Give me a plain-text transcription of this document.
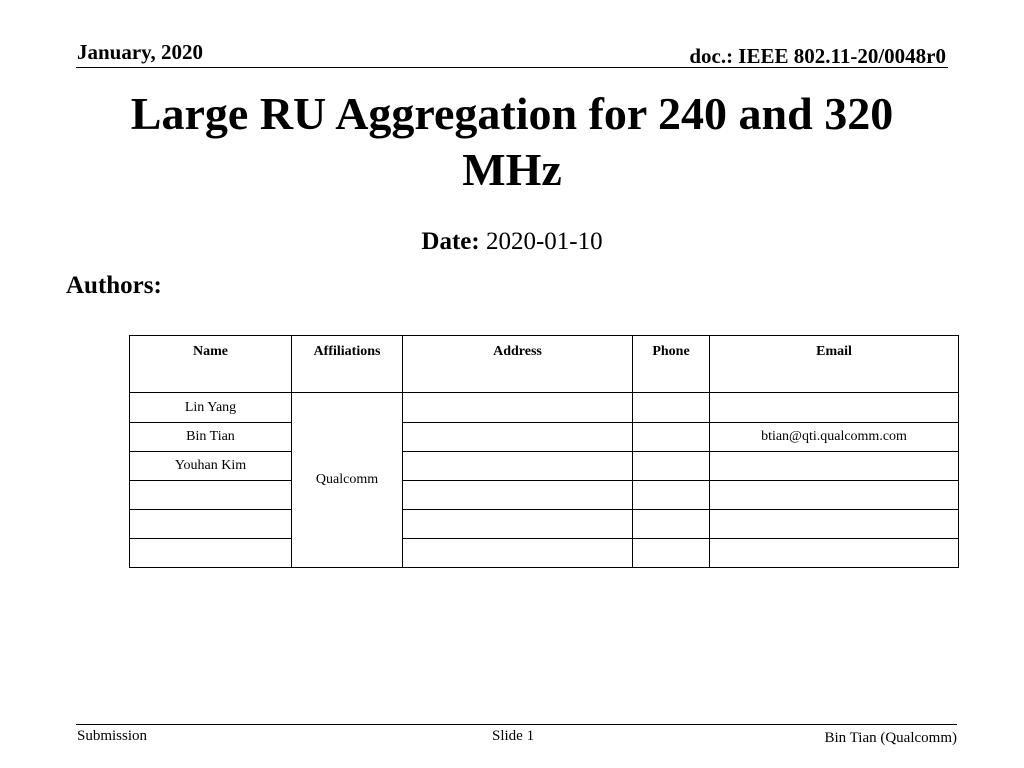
January, 2020	doc.: IEEE 802.11-20/0048r0
Large RU Aggregation for 240 and 320
MHz
Date: 2020-01-10
Authors:
Name	Affiliations	Address	Phone	Email
Lin Yang	Qualcomm			
Bin Tian				btian@qti.qualcomm.com
Youhan Kim				

Submission	Slide 1	Bin Tian (Qualcomm)
